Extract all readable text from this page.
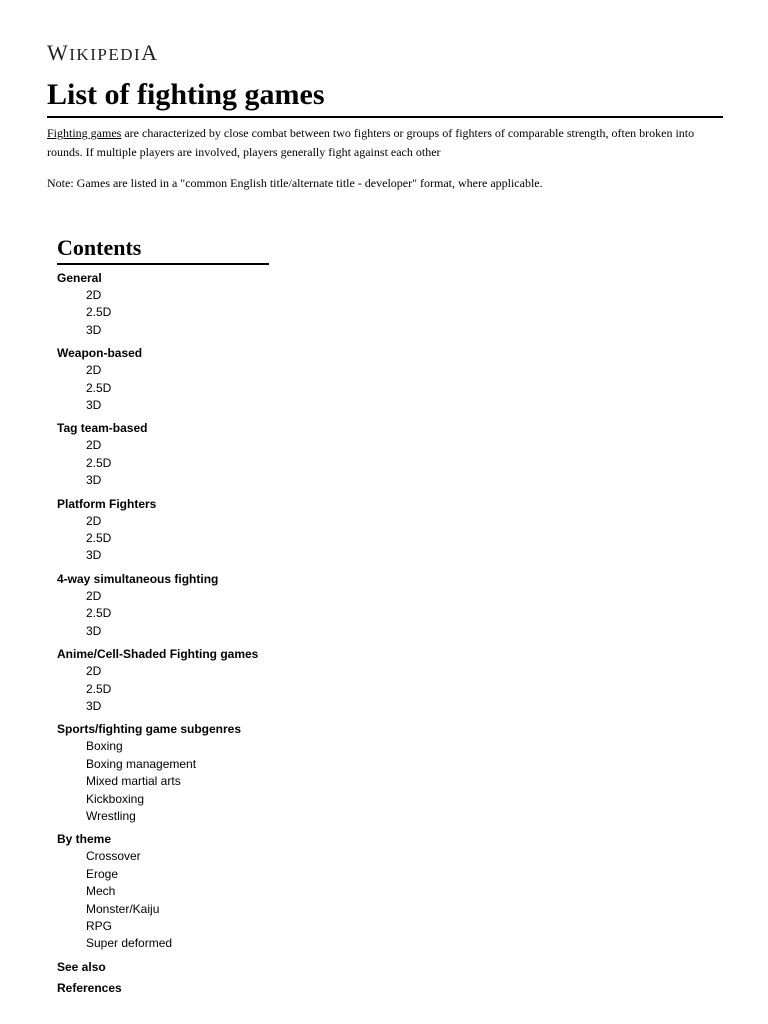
WIKIPEDIA
List of fighting games

Fighting games are characterized by close combat between two fighters or groups of fighters of comparable strength, often broken into rounds. If multiple players are involved, players generally fight against each other

Note: Games are listed in a "common English title/alternate title - developer" format, where applicable.

Contents
General
2D
2.5D
3D
Weapon-based
2D
2.5D
3D
Tag team-based
2D
2.5D
3D
Platform Fighters
2D
2.5D
3D
4-way simultaneous fighting
2D
2.5D
3D
Anime/Cell-Shaded Fighting games
2D
2.5D
3D
Sports/fighting game subgenres
Boxing
Boxing management
Mixed martial arts
Kickboxing
Wrestling
By theme
Crossover
Eroge
Mech
Monster/Kaiju
RPG
Super deformed
See also
References
